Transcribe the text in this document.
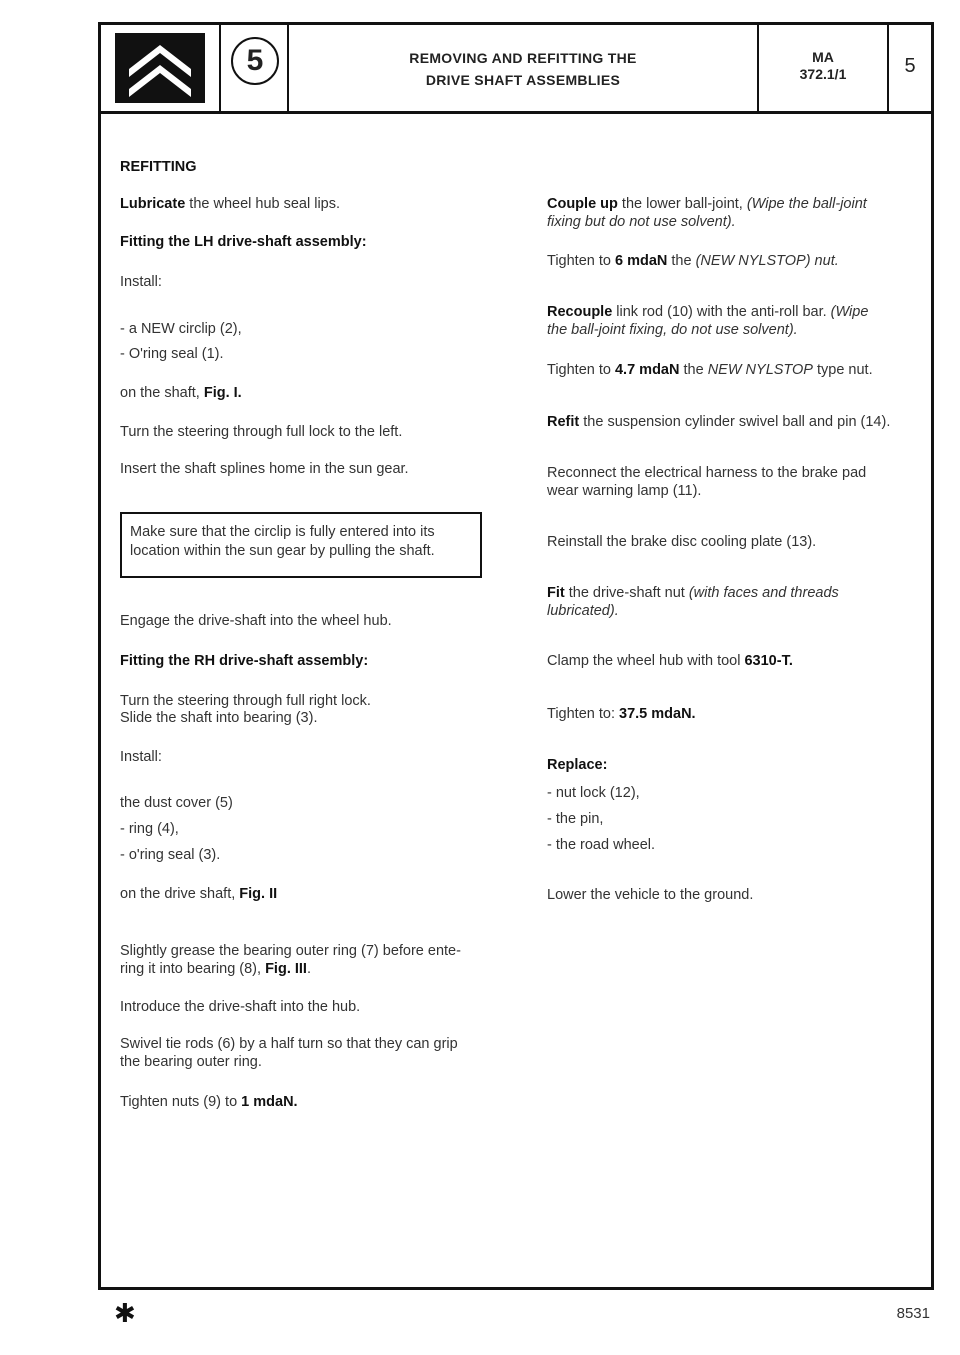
5	REMOVING AND REFITTING THE
DRIVE SHAFT ASSEMBLIES
MA
372.1/1	5
REFITTING
Lubricate the wheel hub seal lips.
Fitting the LH drive-shaft assembly:
Install:
- a NEW circlip (2),
- O'ring seal (1).
on the shaft, Fig. I.
Turn the steering through full lock to the left.
Insert the shaft splines home in the sun gear.
Make sure that the circlip is fully entered into its
location within the sun gear by pulling the shaft.
Engage the drive-shaft into the wheel hub.
Fitting the RH drive-shaft assembly:
Turn the steering through full right lock.
Slide the shaft into bearing (3).
Install:
the dust cover (5)
- ring (4),
- o'ring seal (3).
on the drive shaft, Fig. II
Slightly grease the bearing outer ring (7) before ente-
ring it into bearing (8), Fig. III.
Introduce the drive-shaft into the hub.
Swivel tie rods (6) by a half turn so that they can grip
the bearing outer ring.
Tighten nuts (9) to 1 mdaN.
Couple up the lower ball-joint, (Wipe the ball-joint
fixing but do not use solvent).
Tighten to 6 mdaN the (NEW NYLSTOP) nut.
Recouple link rod (10) with the anti-roll bar. (Wipe
the ball-joint fixing, do not use solvent).
Tighten to 4.7 mdaN the NEW NYLSTOP type nut.
Refit the suspension cylinder swivel ball and pin (14).
Reconnect the electrical harness to the brake pad
wear warning lamp (11).
Reinstall the brake disc cooling plate (13).
Fit the drive-shaft nut (with faces and threads
lubricated).
Clamp the wheel hub with tool 6310-T.
Tighten to: 37.5 mdaN.
Replace:
- nut lock (12),
- the pin,
- the road wheel.
Lower the vehicle to the ground.
✱	8531
